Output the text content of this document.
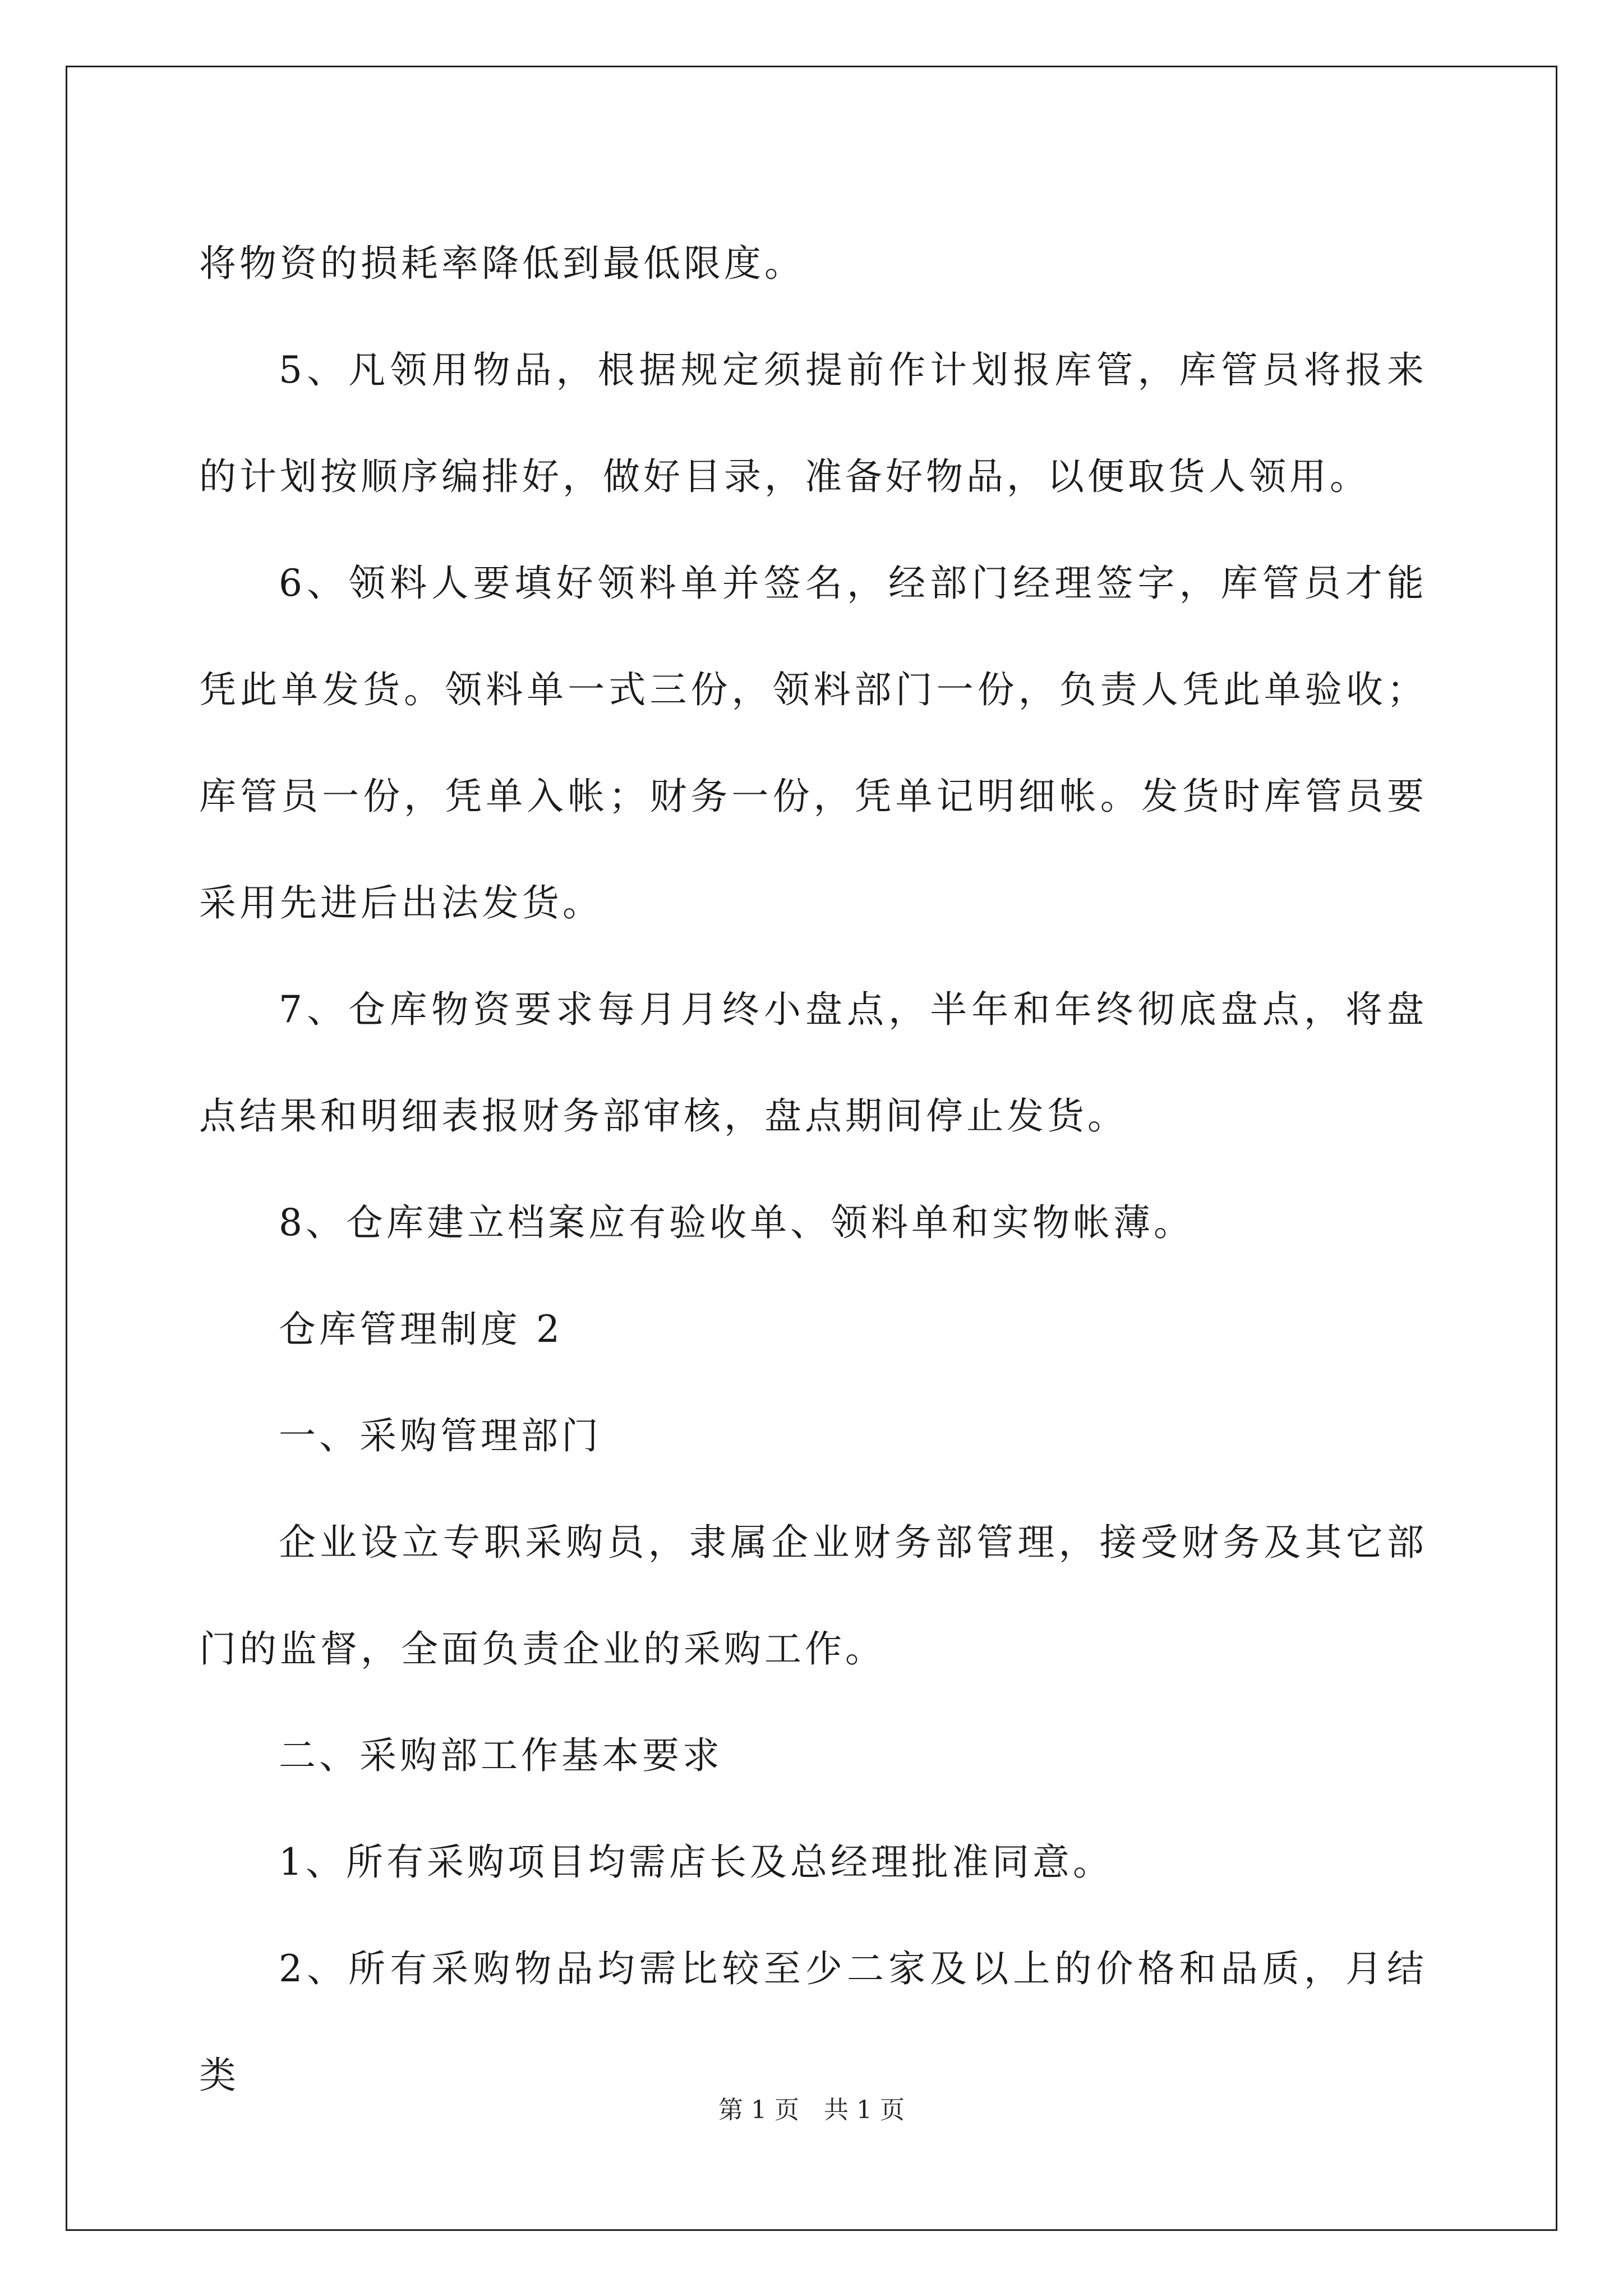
将物资的损耗率降低到最低限度。

5、凡领用物品，根据规定须提前作计划报库管，库管员将报来的计划按顺序编排好，做好目录，准备好物品，以便取货人领用。

6、领料人要填好领料单并签名，经部门经理签字，库管员才能凭此单发货。领料单一式三份，领料部门一份，负责人凭此单验收；库管员一份，凭单入帐；财务一份，凭单记明细帐。发货时库管员要采用先进后出法发货。

7、仓库物资要求每月月终小盘点，半年和年终彻底盘点，将盘点结果和明细表报财务部审核，盘点期间停止发货。

8、仓库建立档案应有验收单、领料单和实物帐薄。

仓库管理制度 2

一、采购管理部门

企业设立专职采购员，隶属企业财务部管理，接受财务及其它部门的监督，全面负责企业的采购工作。

二、采购部工作基本要求

1、所有采购项目均需店长及总经理批准同意。

2、所有采购物品均需比较至少二家及以上的价格和品质，月结类

第 1 页 共 1 页
